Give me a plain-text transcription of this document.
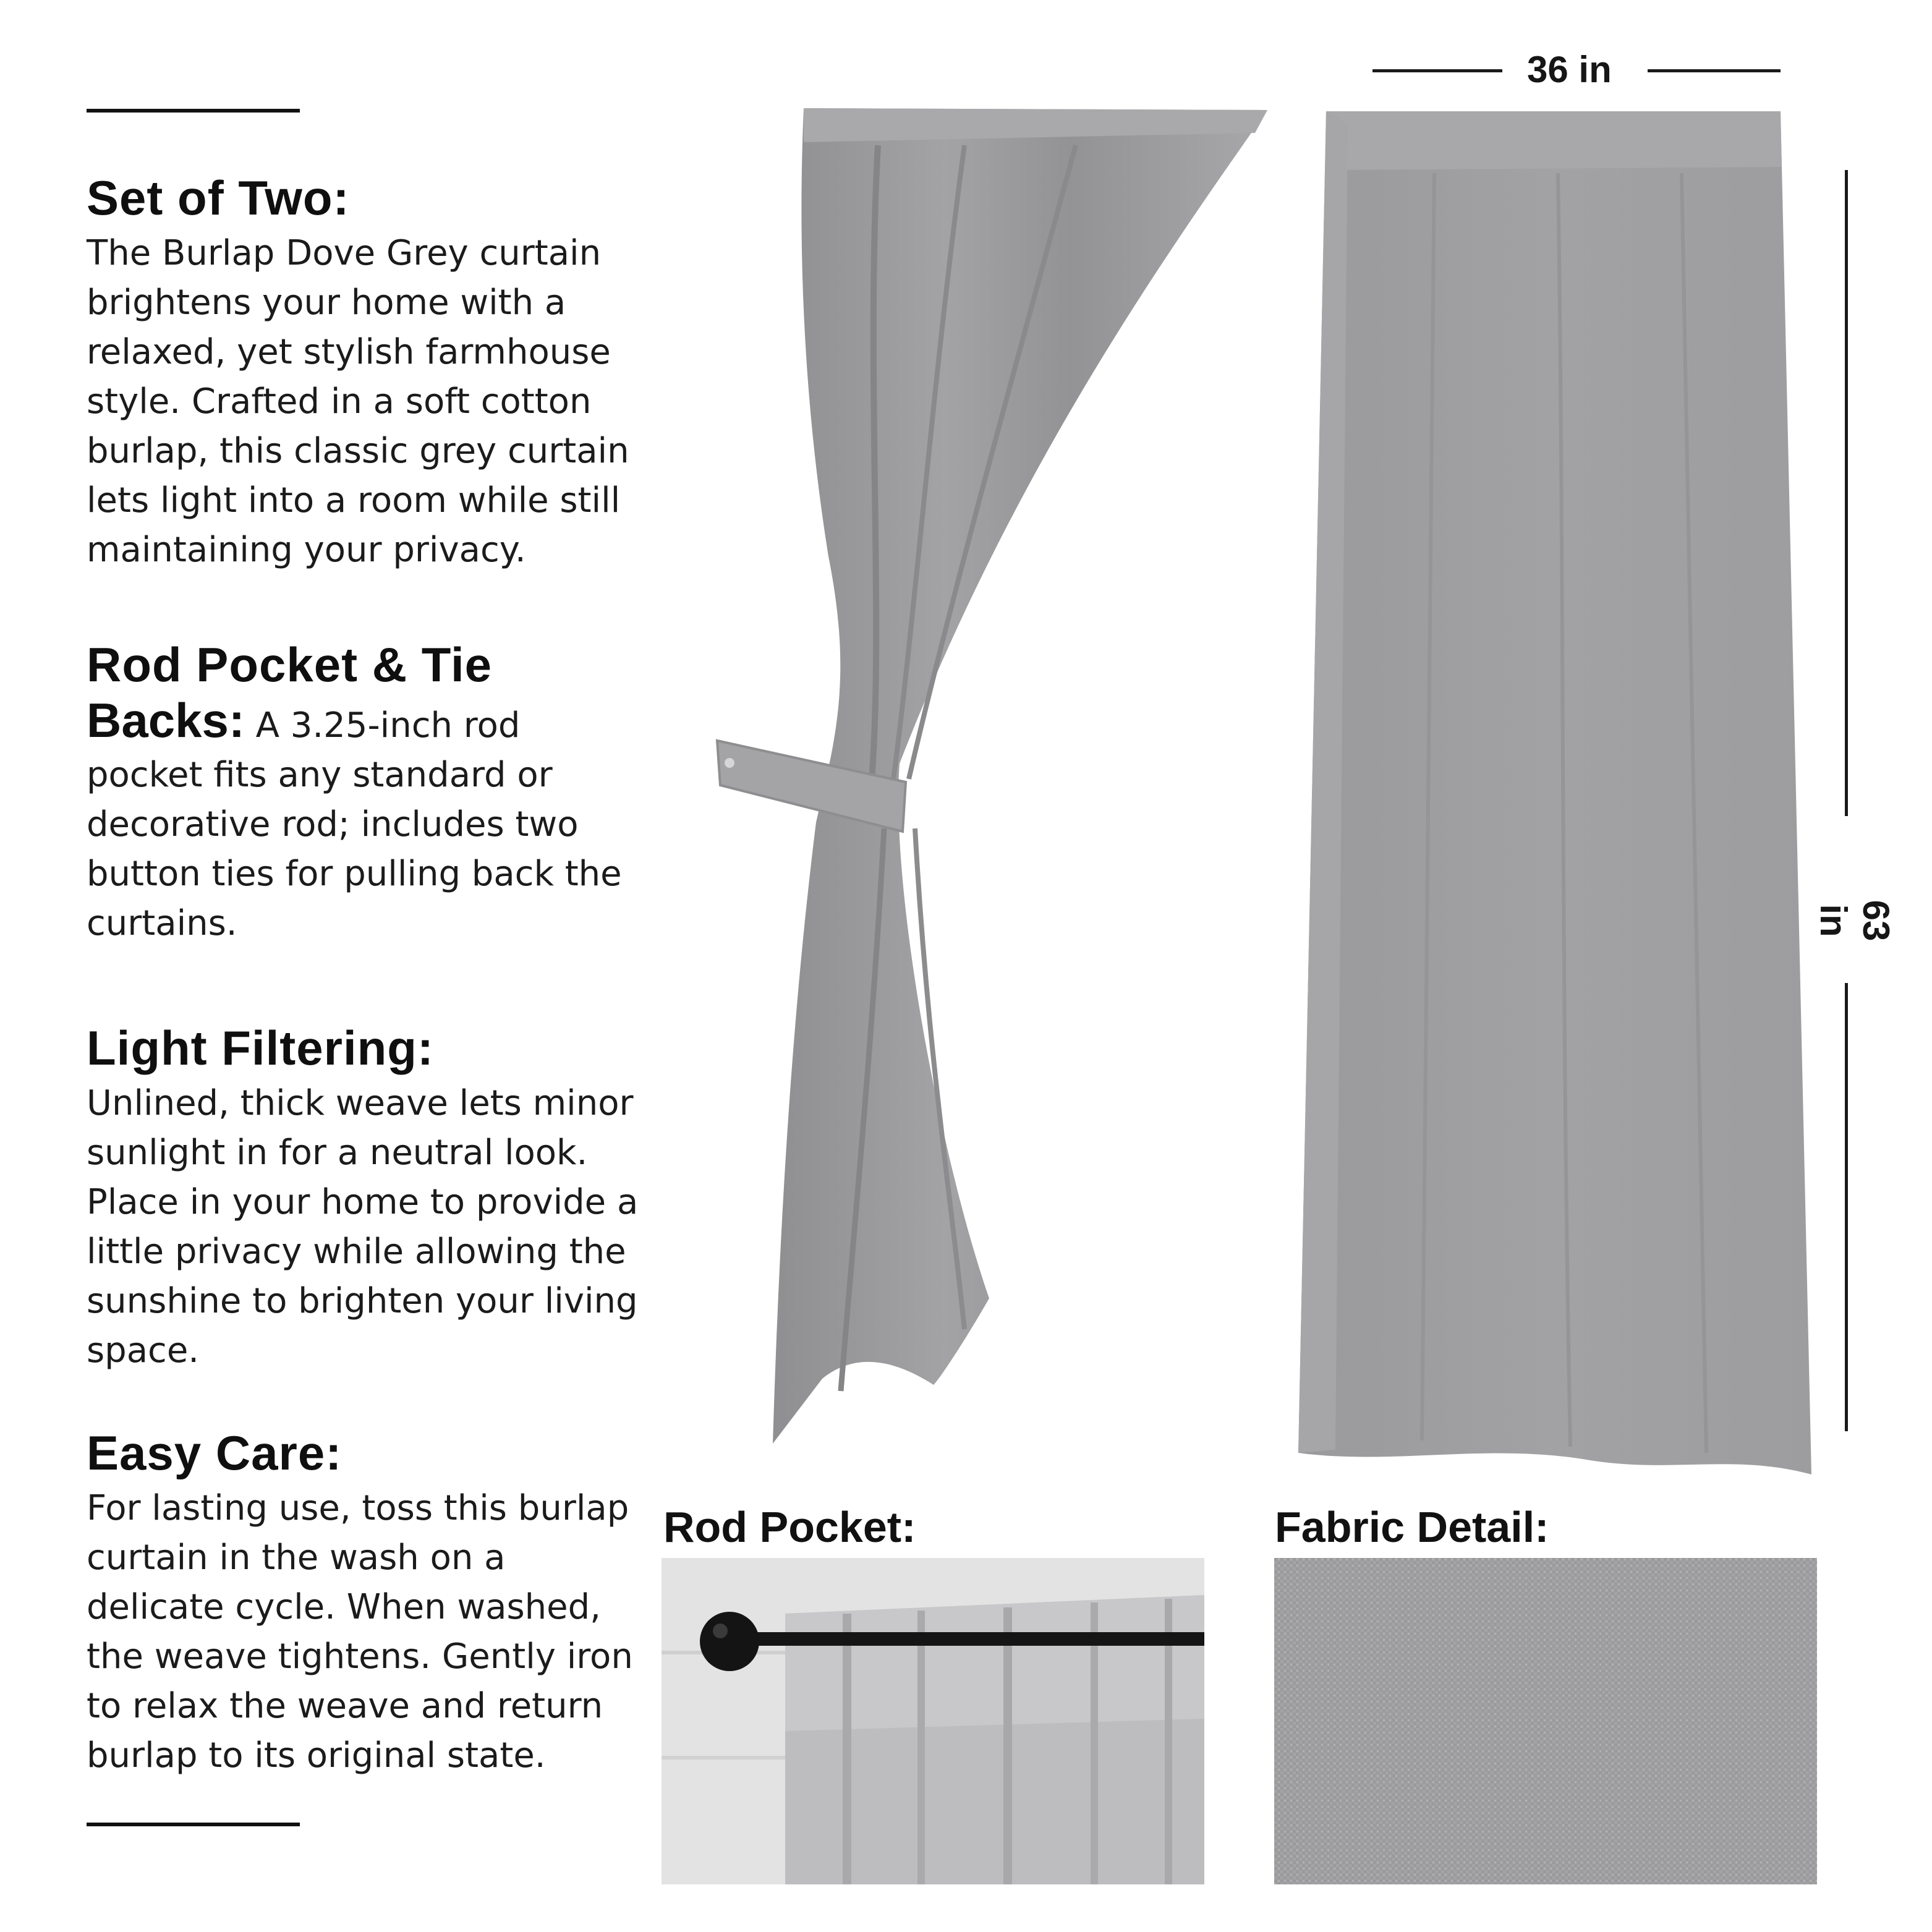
Set of Two:

The Burlap Dove Grey curtain brightens your home with a relaxed, yet stylish farmhouse style. Crafted in a soft cotton burlap, this classic grey curtain lets light into a room while still maintaining your privacy.

Rod Pocket & Tie

Backs: A 3.25-inch rod pocket fits any standard or decorative rod; includes two button ties for pulling back the curtains.

Light Filtering:

Unlined, thick weave lets minor sunlight in for a neutral look. Place in your home to provide a little privacy while allowing the sunshine to brighten your living space.

Easy Care:

For lasting use, toss this burlap curtain in the wash on a delicate cycle. When washed, the weave tightens. Gently iron to relax the weave and return burlap to its original state.

36 in
63 in
Rod Pocket:	Fabric Detail:
